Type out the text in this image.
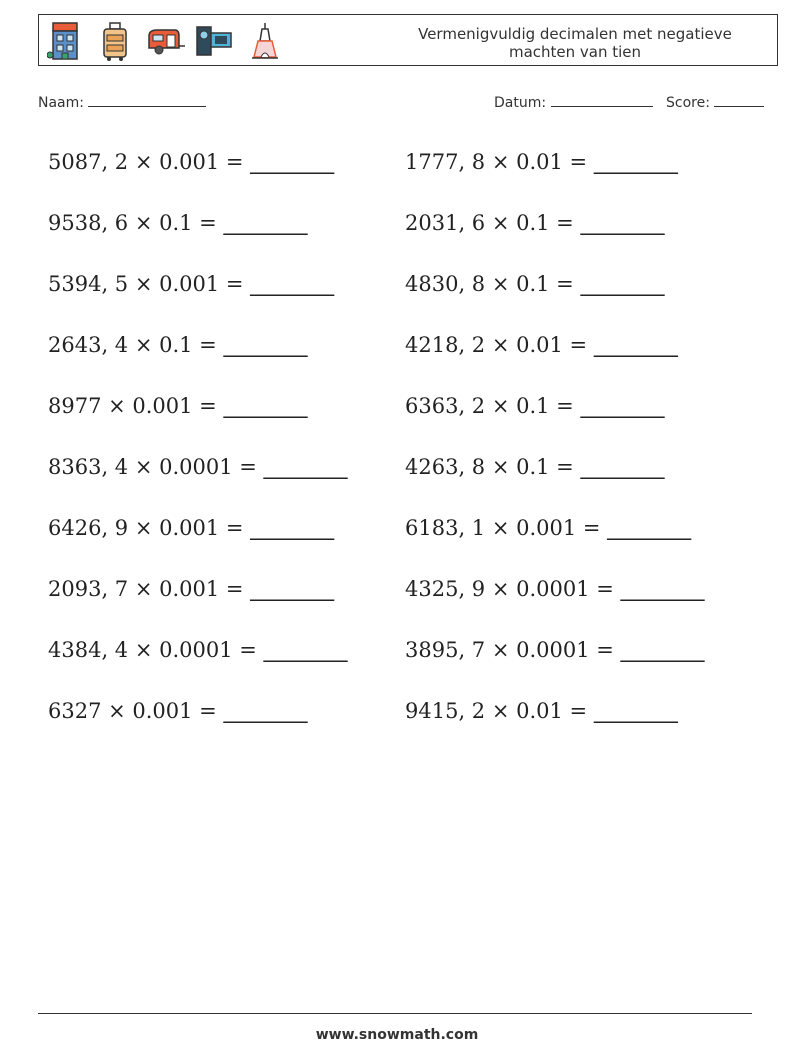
Vermenigvuldig decimalen met negatieve
machten van tien
Naam:	Datum:	Score:
5087, 2 × 0.001 = ________	1777, 8 × 0.01 = ________
9538, 6 × 0.1 = ________	2031, 6 × 0.1 = ________
5394, 5 × 0.001 = ________	4830, 8 × 0.1 = ________
2643, 4 × 0.1 = ________	4218, 2 × 0.01 = ________
8977 × 0.001 = ________	6363, 2 × 0.1 = ________
8363, 4 × 0.0001 = ________	4263, 8 × 0.1 = ________
6426, 9 × 0.001 = ________	6183, 1 × 0.001 = ________
2093, 7 × 0.001 = ________	4325, 9 × 0.0001 = ________
4384, 4 × 0.0001 = ________	3895, 7 × 0.0001 = ________
6327 × 0.001 = ________	9415, 2 × 0.01 = ________
www.snowmath.com
